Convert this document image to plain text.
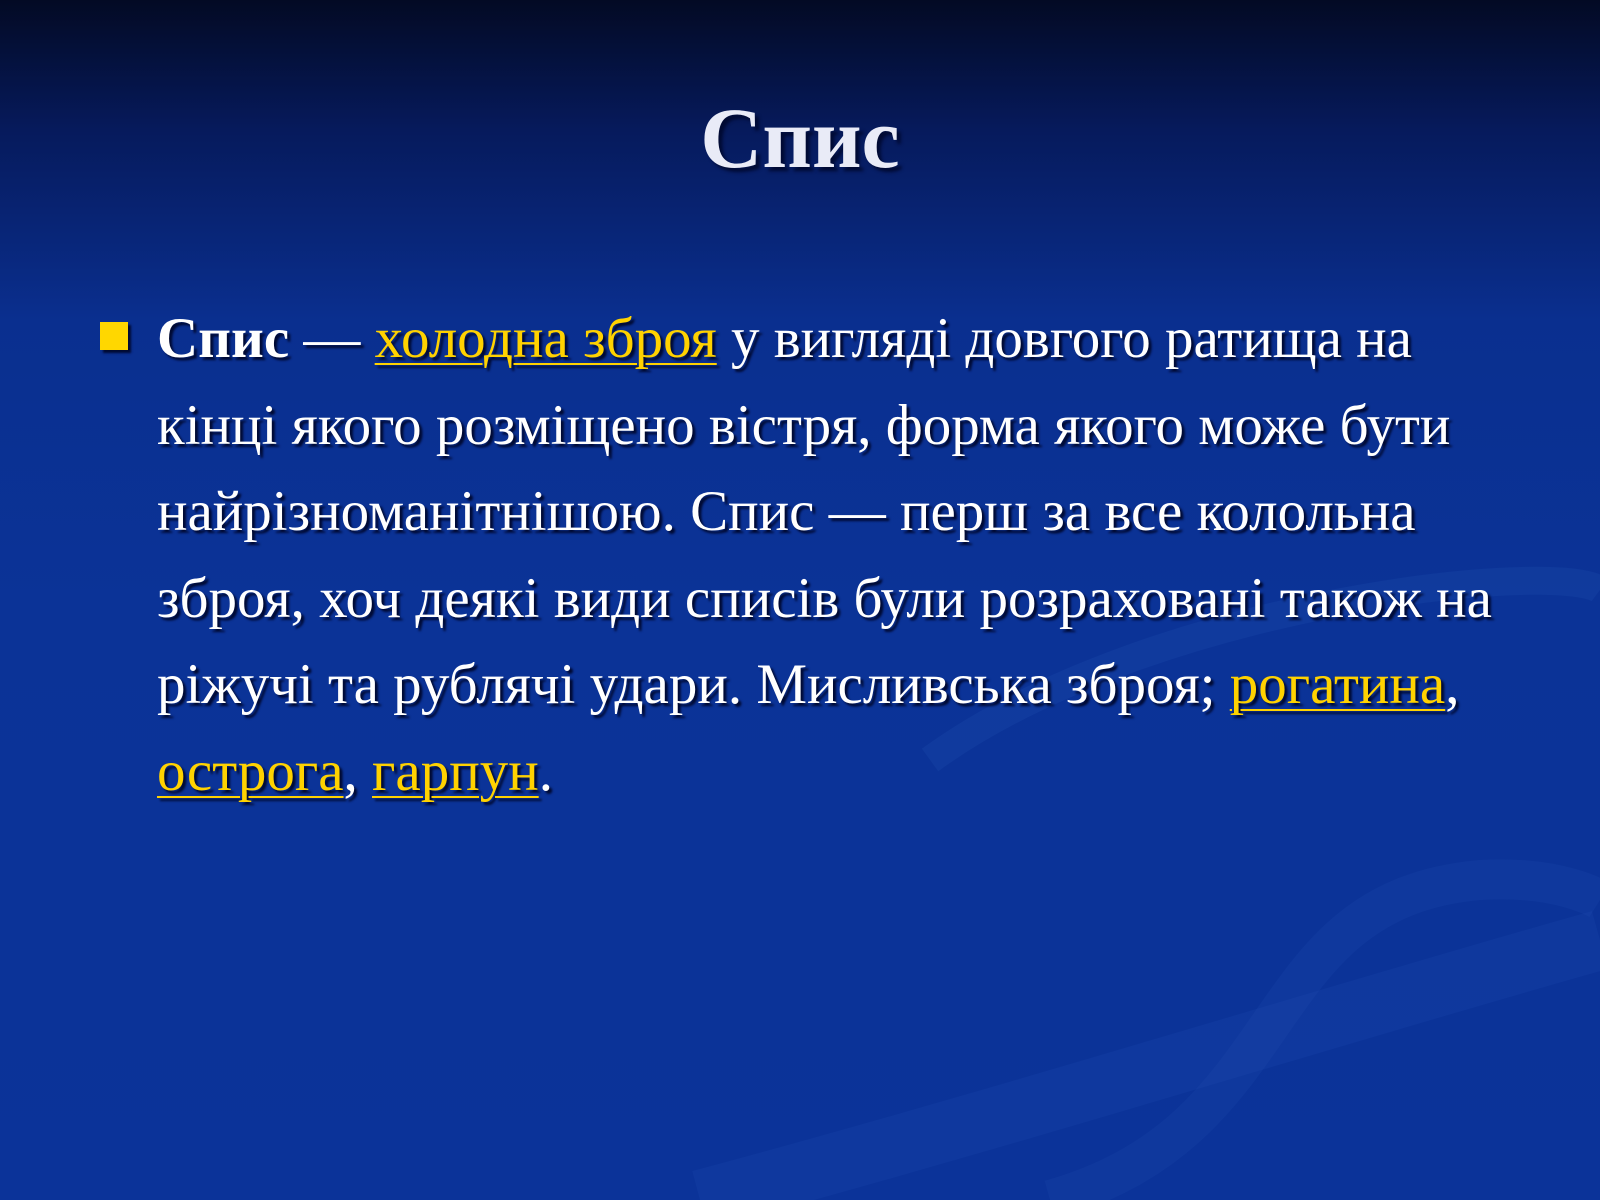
Спис
Спис — холодна зброя у вигляді довгого ратища на кінці якого розміщено вістря, форма якого може бути найрізноманітнішою. Спис — перш за все колольна зброя, хоч деякі види списів були розраховані також на ріжучі та рублячі удари. Мисливська зброя; рогатина, острога, гарпун.
